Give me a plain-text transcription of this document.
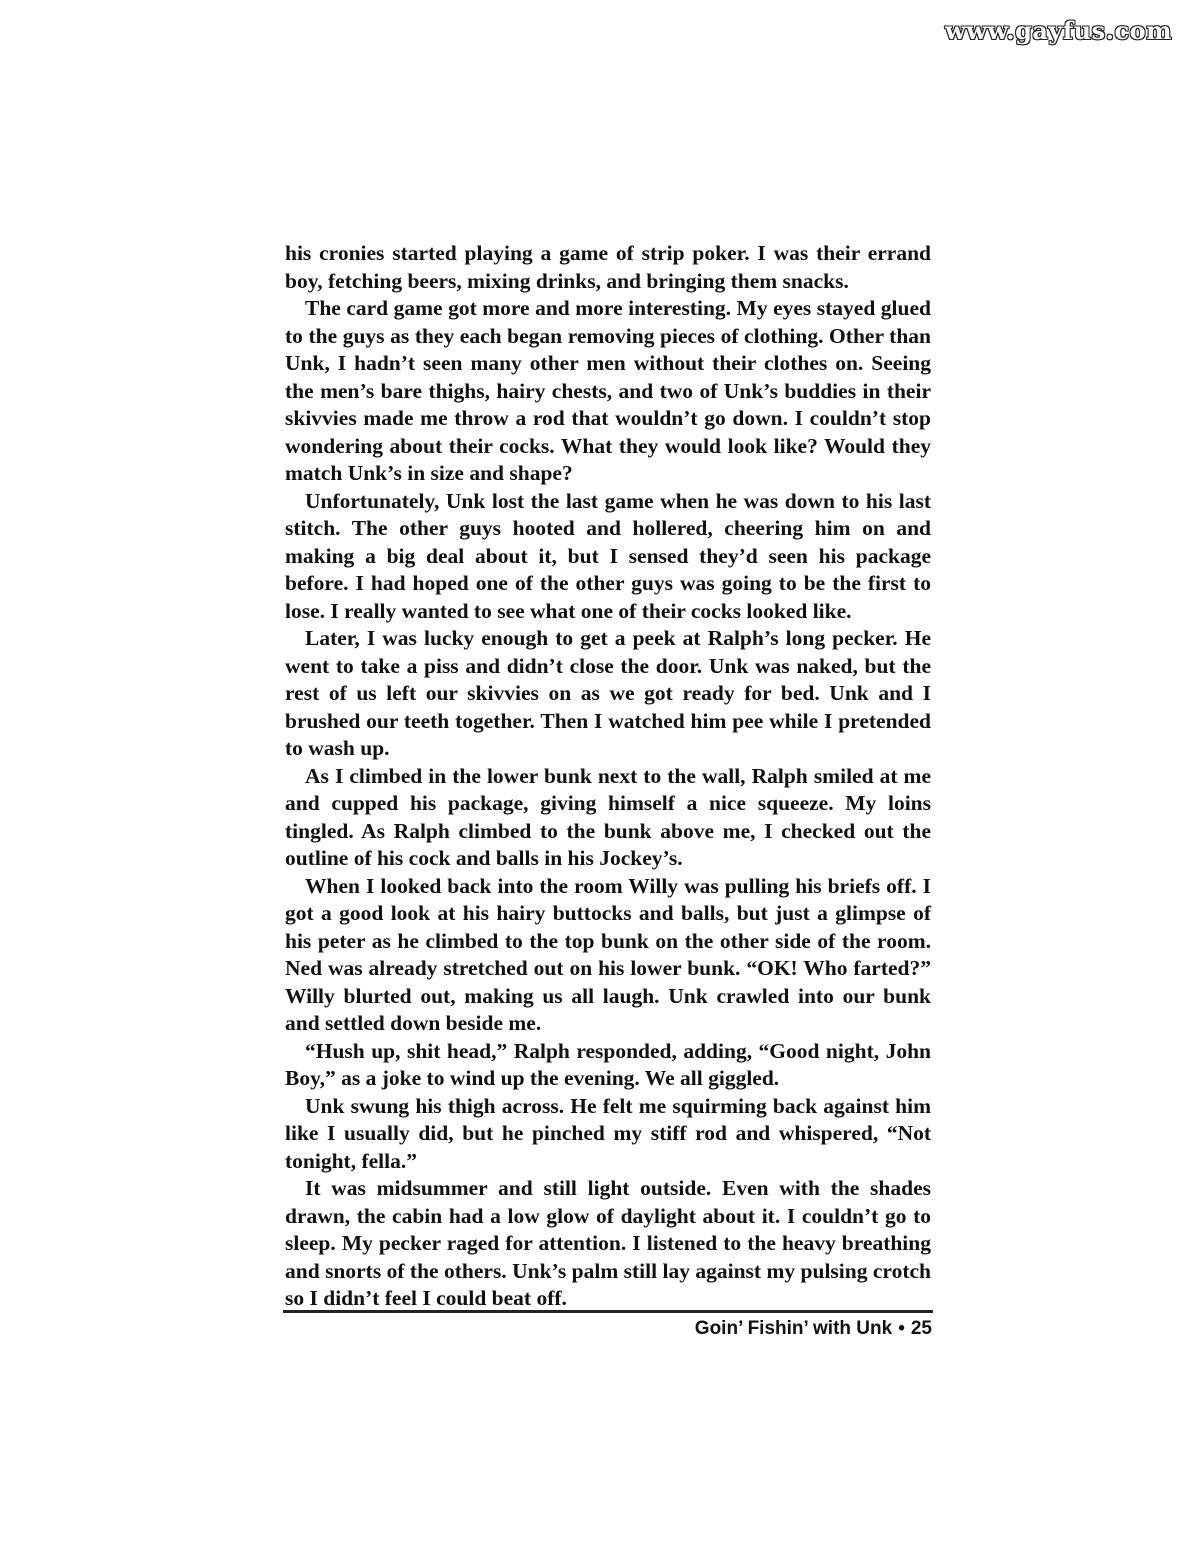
www.gayfus.com

his cronies started playing a game of strip poker. I was their errand boy, fetching beers, mixing drinks, and bringing them snacks.

The card game got more and more interesting. My eyes stayed glued to the guys as they each began removing pieces of clothing. Other than Unk, I hadn’t seen many other men without their clothes on. Seeing the men’s bare thighs, hairy chests, and two of Unk’s buddies in their skivvies made me throw a rod that wouldn’t go down. I couldn’t stop wondering about their cocks. What they would look like? Would they match Unk’s in size and shape?

Unfortunately, Unk lost the last game when he was down to his last stitch. The other guys hooted and hollered, cheering him on and making a big deal about it, but I sensed they’d seen his package before. I had hoped one of the other guys was going to be the first to lose. I really wanted to see what one of their cocks looked like.

Later, I was lucky enough to get a peek at Ralph’s long pecker. He went to take a piss and didn’t close the door. Unk was naked, but the rest of us left our skivvies on as we got ready for bed. Unk and I brushed our teeth together. Then I watched him pee while I pretended to wash up.

As I climbed in the lower bunk next to the wall, Ralph smiled at me and cupped his package, giving himself a nice squeeze. My loins tingled. As Ralph climbed to the bunk above me, I checked out the outline of his cock and balls in his Jockey’s.

When I looked back into the room Willy was pulling his briefs off. I got a good look at his hairy buttocks and balls, but just a glimpse of his peter as he climbed to the top bunk on the other side of the room. Ned was already stretched out on his lower bunk. “OK! Who farted?” Willy blurted out, making us all laugh. Unk crawled into our bunk and settled down beside me.

“Hush up, shit head,” Ralph responded, adding, “Good night, John Boy,” as a joke to wind up the evening. We all giggled.

Unk swung his thigh across. He felt me squirming back against him like I usually did, but he pinched my stiff rod and whispered, “Not tonight, fella.”

It was midsummer and still light outside. Even with the shades drawn, the cabin had a low glow of daylight about it. I couldn’t go to sleep. My pecker raged for attention. I listened to the heavy breathing and snorts of the others. Unk’s palm still lay against my pulsing crotch so I didn’t feel I could beat off.

Goin’ Fishin’ with Unk • 25
